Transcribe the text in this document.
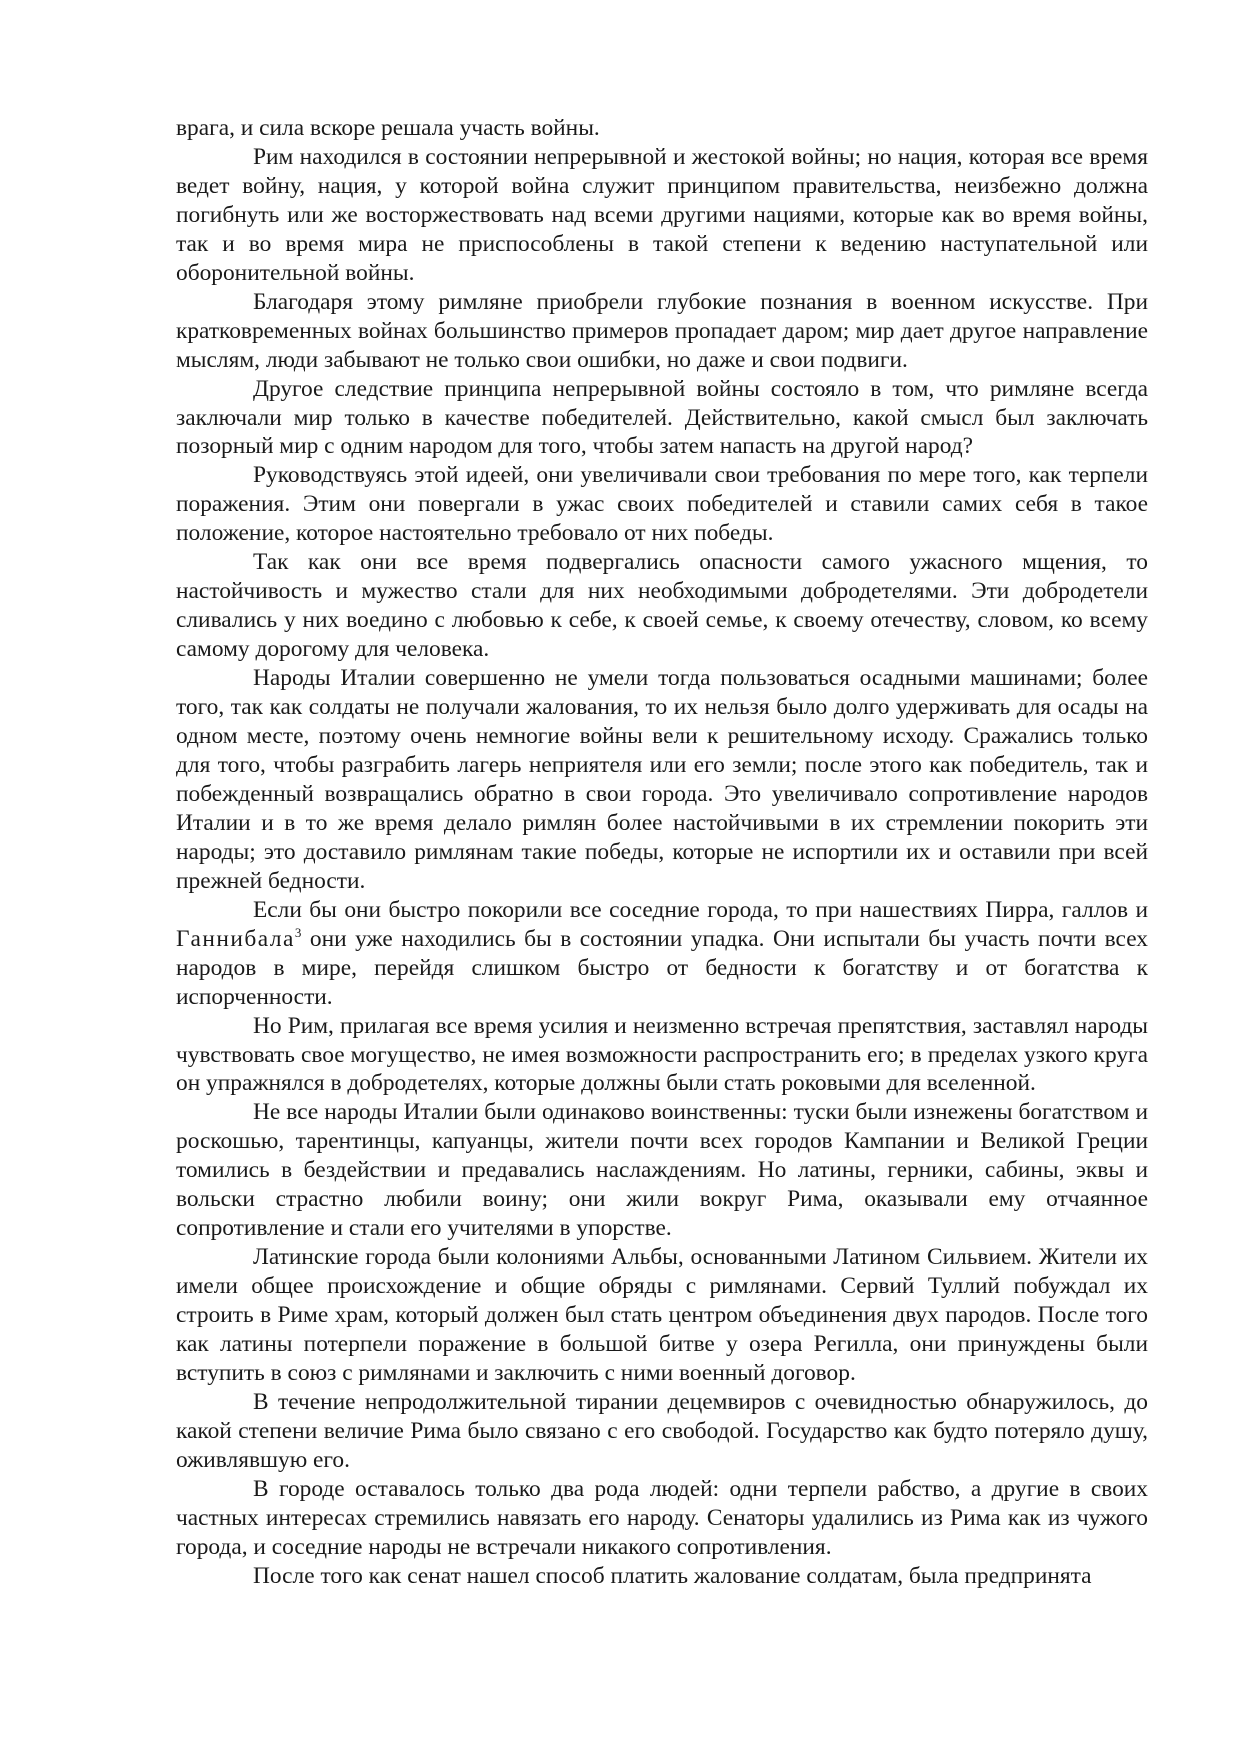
врага, и сила вскоре решала участь войны.

Рим находился в состоянии непрерывной и жестокой войны; но нация, которая все время ведет войну, нация, у которой война служит принципом правительства, неизбежно должна погибнуть или же восторжествовать над всеми другими нациями, которые как во время войны, так и во время мира не приспособлены в такой степени к ведению наступательной или оборонительной войны.

Благодаря этому римляне приобрели глубокие познания в военном искусстве. При кратковременных войнах большинство примеров пропадает даром; мир дает другое направление мыслям, люди забывают не только свои ошибки, но даже и свои подвиги.

Другое следствие принципа непрерывной войны состояло в том, что римляне всегда заключали мир только в качестве победителей. Действительно, какой смысл был заключать позорный мир с одним народом для того, чтобы затем напасть на другой народ?

Руководствуясь этой идеей, они увеличивали свои требования по мере того, как терпели поражения. Этим они повергали в ужас своих победителей и ставили самих себя в такое положение, которое настоятельно требовало от них победы.

Так как они все время подвергались опасности самого ужасного мщения, то настойчивость и мужество стали для них необходимыми добродетелями. Эти добродетели сливались у них воедино с любовью к себе, к своей семье, к своему отечеству, словом, ко всему самому дорогому для человека.

Народы Италии совершенно не умели тогда пользоваться осадными машинами; более того, так как солдаты не получали жалования, то их нельзя было долго удерживать для осады на одном месте, поэтому очень немногие войны вели к решительному исходу. Сражались только для того, чтобы разграбить лагерь неприятеля или его земли; после этого как победитель, так и побежденный возвращались обратно в свои города. Это увеличивало сопротивление народов Италии и в то же время делало римлян более настойчивыми в их стремлении покорить эти народы; это доставило римлянам такие победы, которые не испортили их и оставили при всей прежней бедности.

Если бы они быстро покорили все соседние города, то при нашествиях Пирра, галлов и Ганнибала$^3$ они уже находились бы в состоянии упадка. Они испытали бы участь почти всех народов в мире, перейдя слишком быстро от бедности к богатству и от богатства к испорченности.

Но Рим, прилагая все время усилия и неизменно встречая препятствия, заставлял народы чувствовать свое могущество, не имея возможности распространить его; в пределах узкого круга он упражнялся в добродетелях, которые должны были стать роковыми для вселенной.

Не все народы Италии были одинаково воинственны: туски были изнежены богатством и роскошью, тарентинцы, капуанцы, жители почти всех городов Кампании и Великой Греции томились в бездействии и предавались наслаждениям. Но латины, герники, сабины, эквы и вольски страстно любили воину; они жили вокруг Рима, оказывали ему отчаянное сопротивление и стали его учителями в упорстве.

Латинские города были колониями Альбы, основанными Латином Сильвием. Жители их имели общее происхождение и общие обряды с римлянами. Сервий Туллий побуждал их строить в Риме храм, который должен был стать центром объединения двух пародов. После того как латины потерпели поражение в большой битве у озера Регилла, они принуждены были вступить в союз с римлянами и заключить с ними военный договор.

В течение непродолжительной тирании децемвиров с очевидностью обнаружилось, до какой степени величие Рима было связано с его свободой. Государство как будто потеряло душу, оживлявшую его.

В городе оставалось только два рода людей: одни терпели рабство, а другие в своих частных интересах стремились навязать его народу. Сенаторы удалились из Рима как из чужого города, и соседние народы не встречали никакого сопротивления.

После того как сенат нашел способ платить жалование солдатам, была предпринята
